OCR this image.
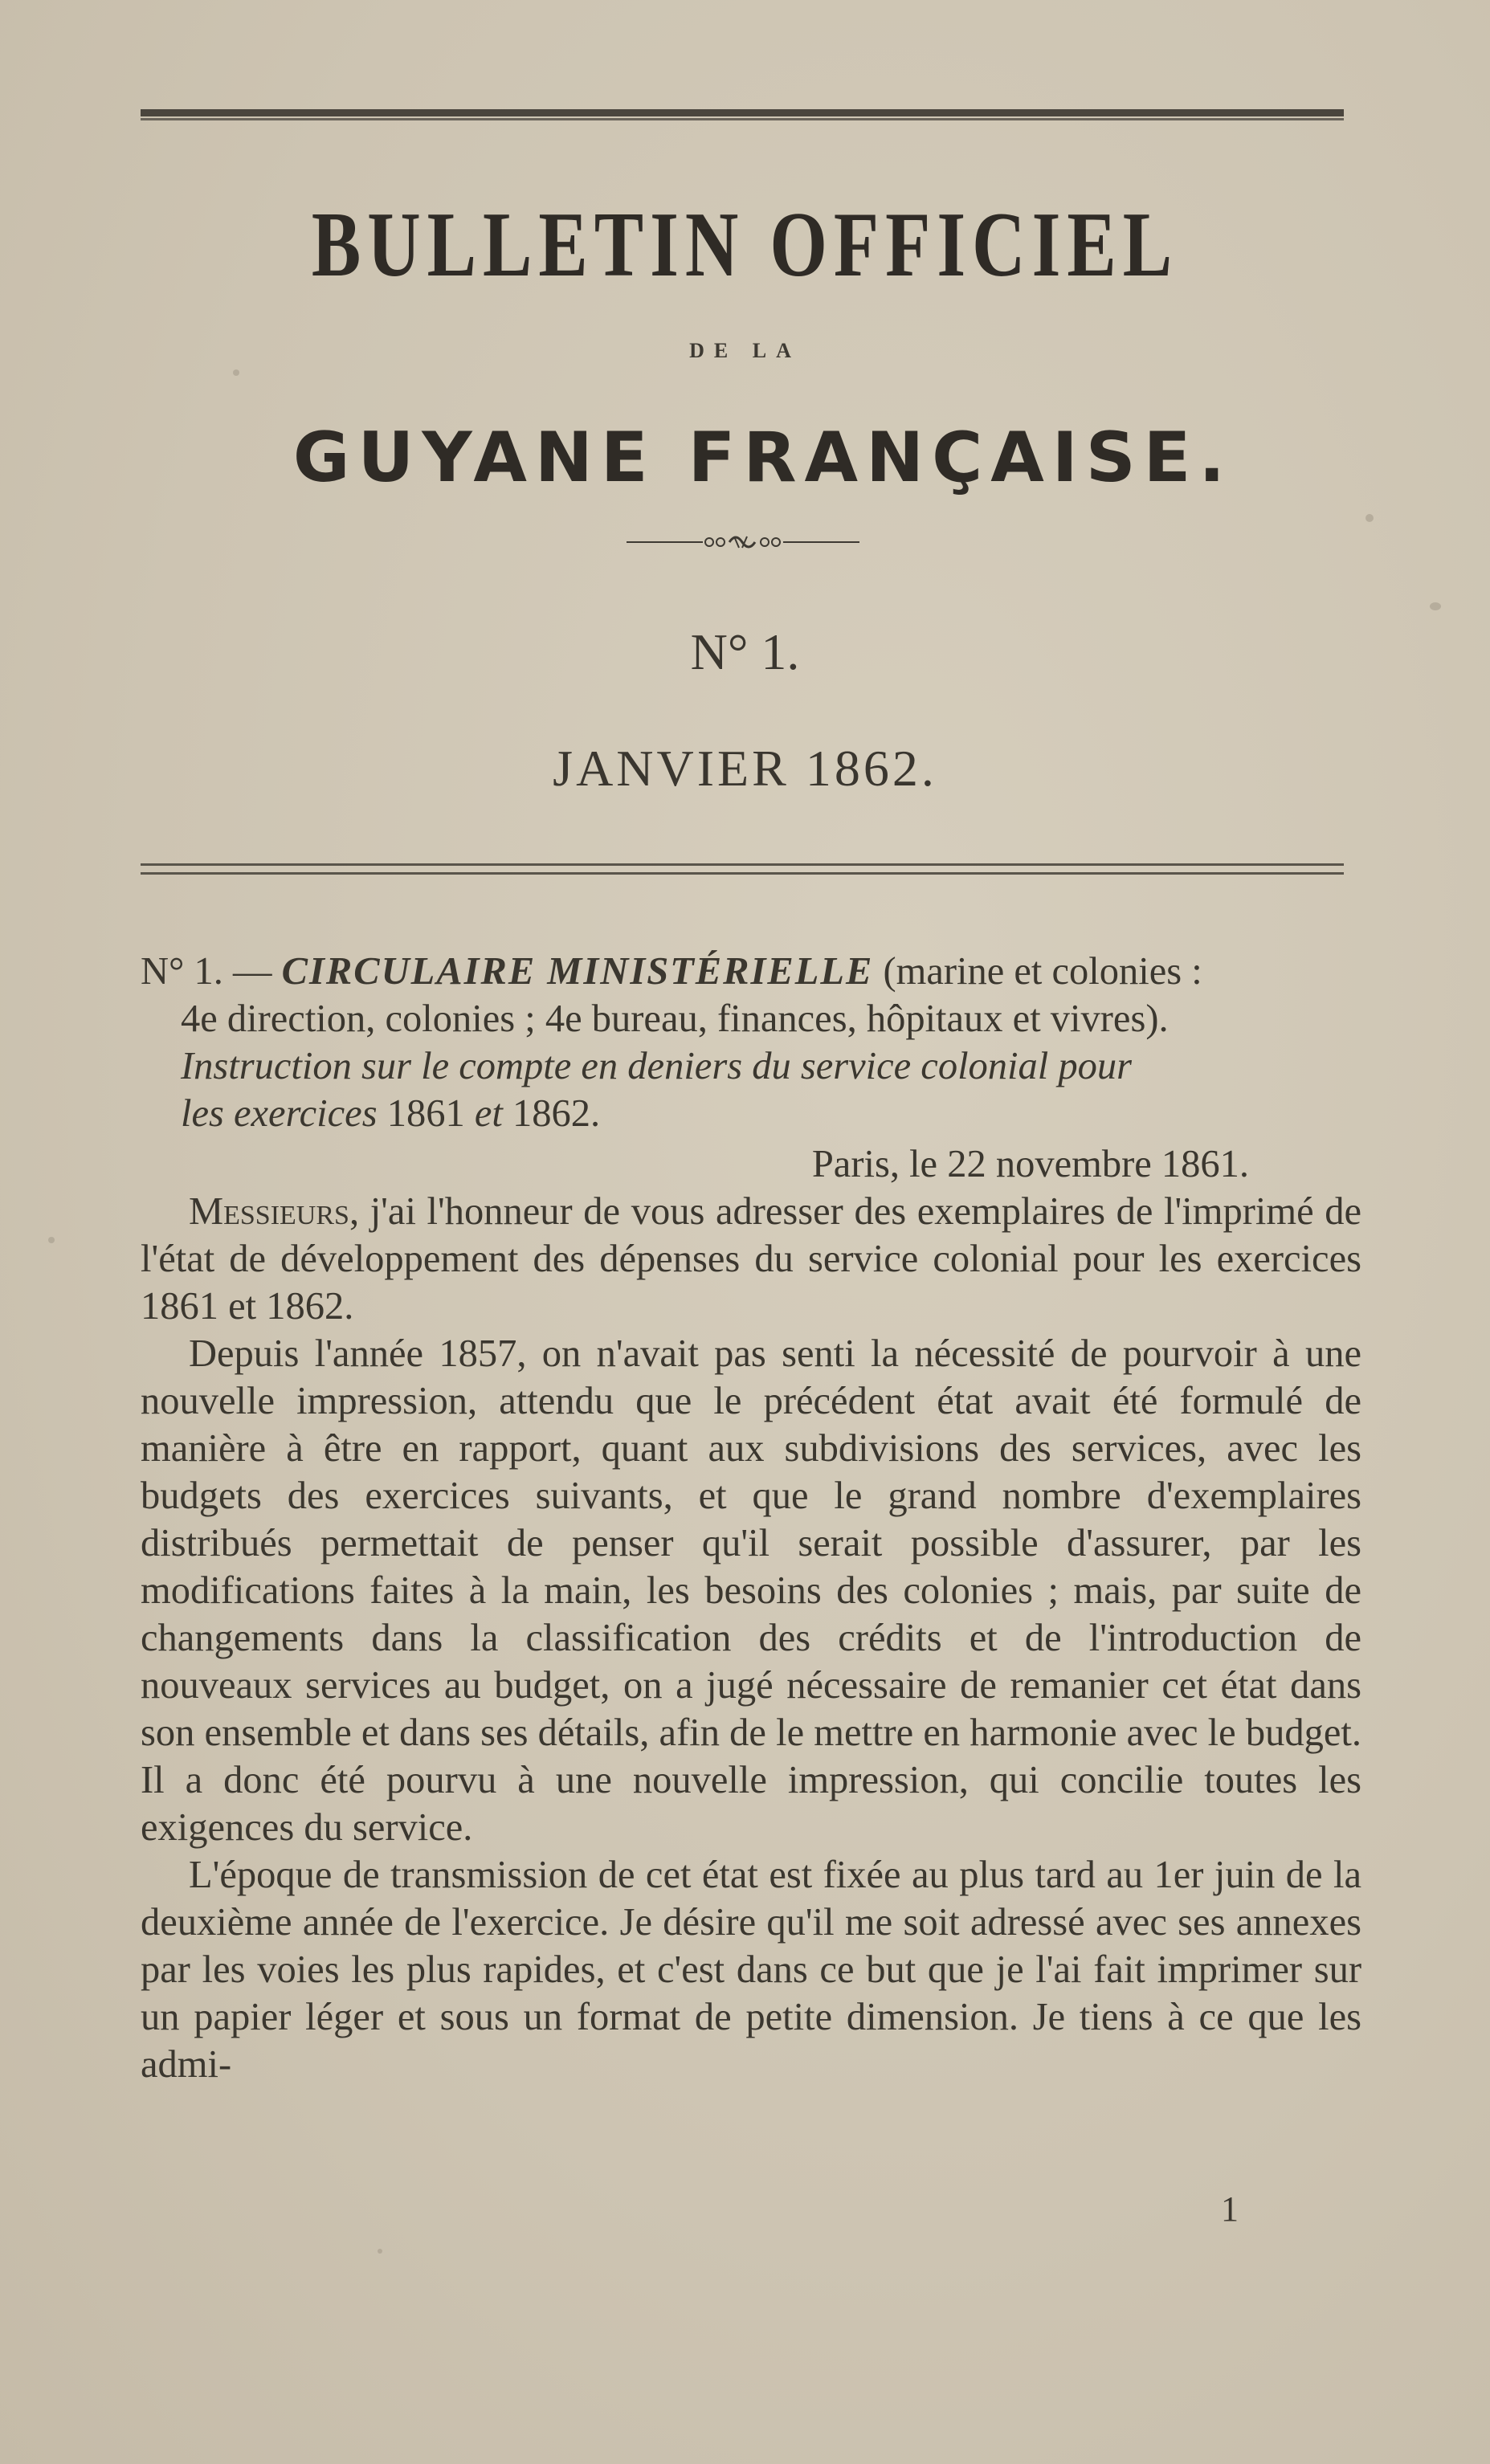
BULLETIN OFFICIEL
DE LA
GUYANE FRANÇAISE.
N° 1.
JANVIER 1862.
N° 1. — CIRCULAIRE MINISTÉRIELLE (marine et colonies :
4e direction, colonies ; 4e bureau, finances, hôpitaux et vivres).
Instruction sur le compte en deniers du service colonial pour
les exercices 1861 et 1862.

Paris, le 22 novembre 1861.

Messieurs, j'ai l'honneur de vous adresser des exemplaires de l'imprimé de l'état de développement des dépenses du service colonial pour les exercices 1861 et 1862.

Depuis l'année 1857, on n'avait pas senti la nécessité de pourvoir à une nouvelle impression, attendu que le précédent état avait été formulé de manière à être en rapport, quant aux subdivisions des services, avec les budgets des exercices suivants, et que le grand nombre d'exemplaires distribués permettait de penser qu'il serait possible d'assurer, par les modifications faites à la main, les besoins des colonies ; mais, par suite de changements dans la classification des crédits et de l'introduction de nouveaux services au budget, on a jugé nécessaire de remanier cet état dans son ensemble et dans ses détails, afin de le mettre en harmonie avec le budget. Il a donc été pourvu à une nouvelle impression, qui concilie toutes les exigences du service.

L'époque de transmission de cet état est fixée au plus tard au 1er juin de la deuxième année de l'exercice. Je désire qu'il me soit adressé avec ses annexes par les voies les plus rapides, et c'est dans ce but que je l'ai fait imprimer sur un papier léger et sous un format de petite dimension. Je tiens à ce que les admi-

1
